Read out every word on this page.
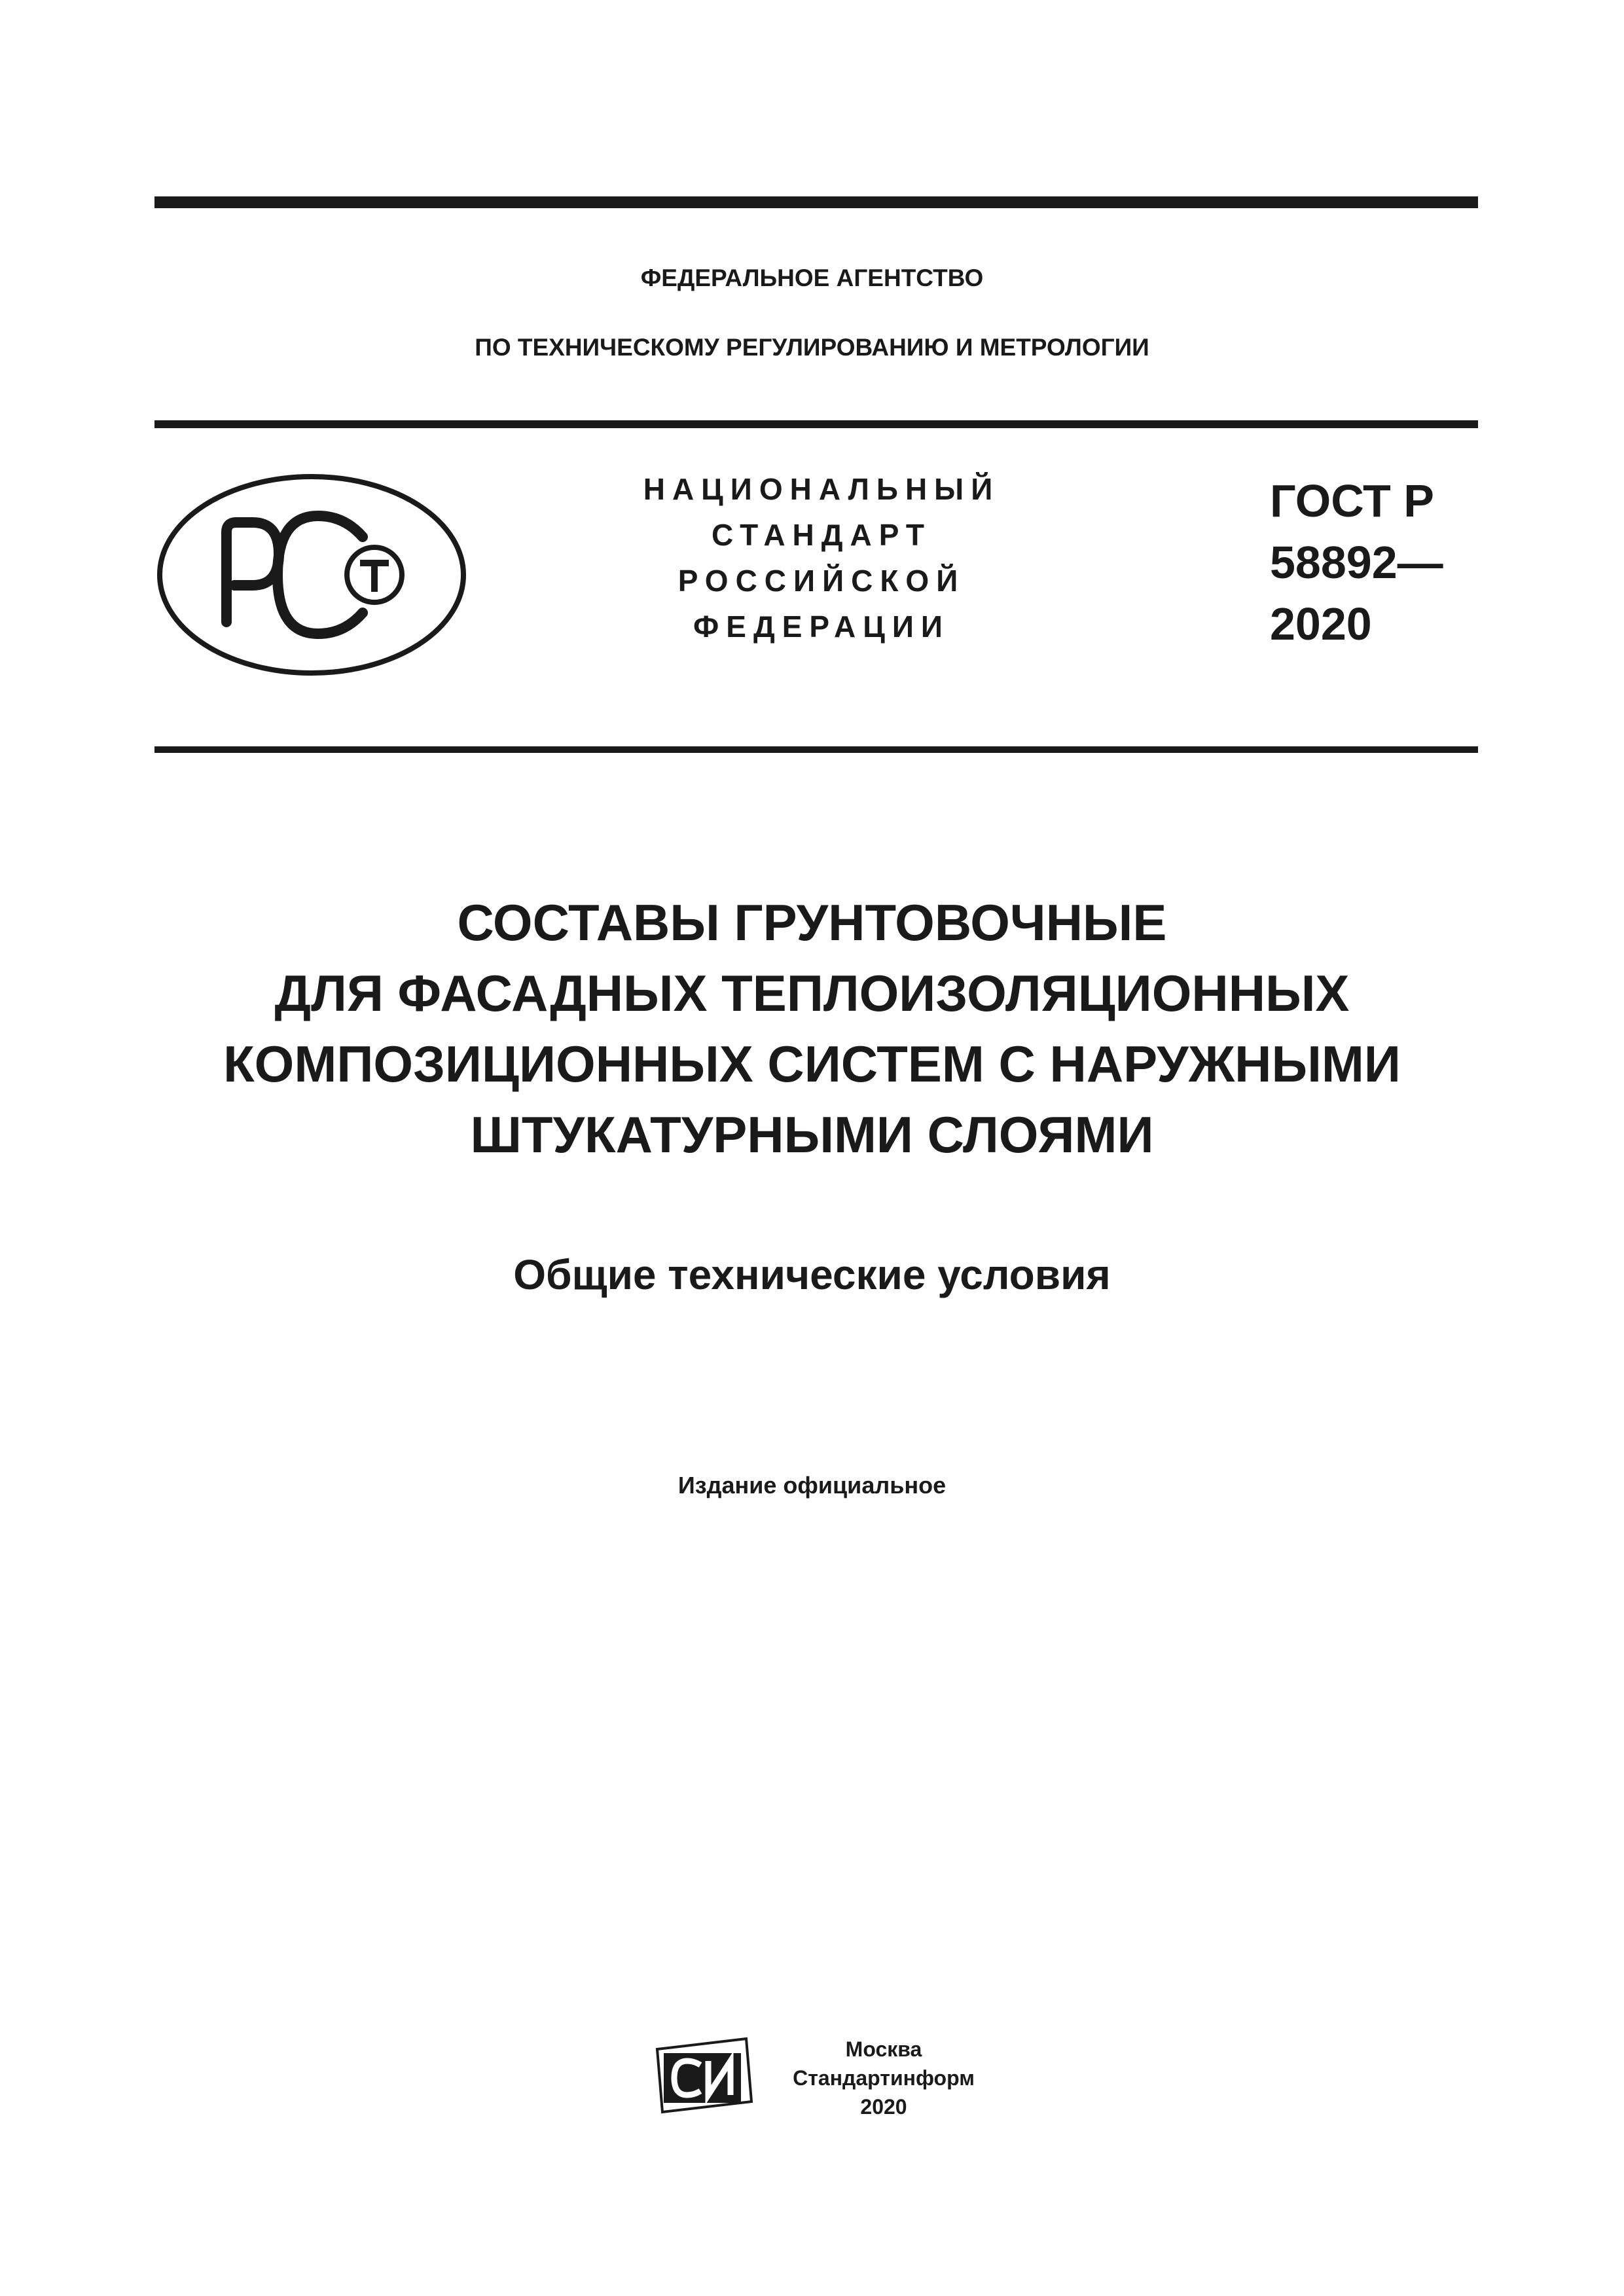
ФЕДЕРАЛЬНОЕ АГЕНТСТВО
ПО ТЕХНИЧЕСКОМУ РЕГУЛИРОВАНИЮ И МЕТРОЛОГИИ
НАЦИОНАЛЬНЫЙ
СТАНДАРТ
РОССИЙСКОЙ
ФЕДЕРАЦИИ
ГОСТ Р
58892—
2020
СОСТАВЫ ГРУНТОВОЧНЫЕ
ДЛЯ ФАСАДНЫХ ТЕПЛОИЗОЛЯЦИОННЫХ
КОМПОЗИЦИОННЫХ СИСТЕМ С НАРУЖНЫМИ
ШТУКАТУРНЫМИ СЛОЯМИ
Общие технические условия
Издание официальное
Москва
Стандартинформ
2020
